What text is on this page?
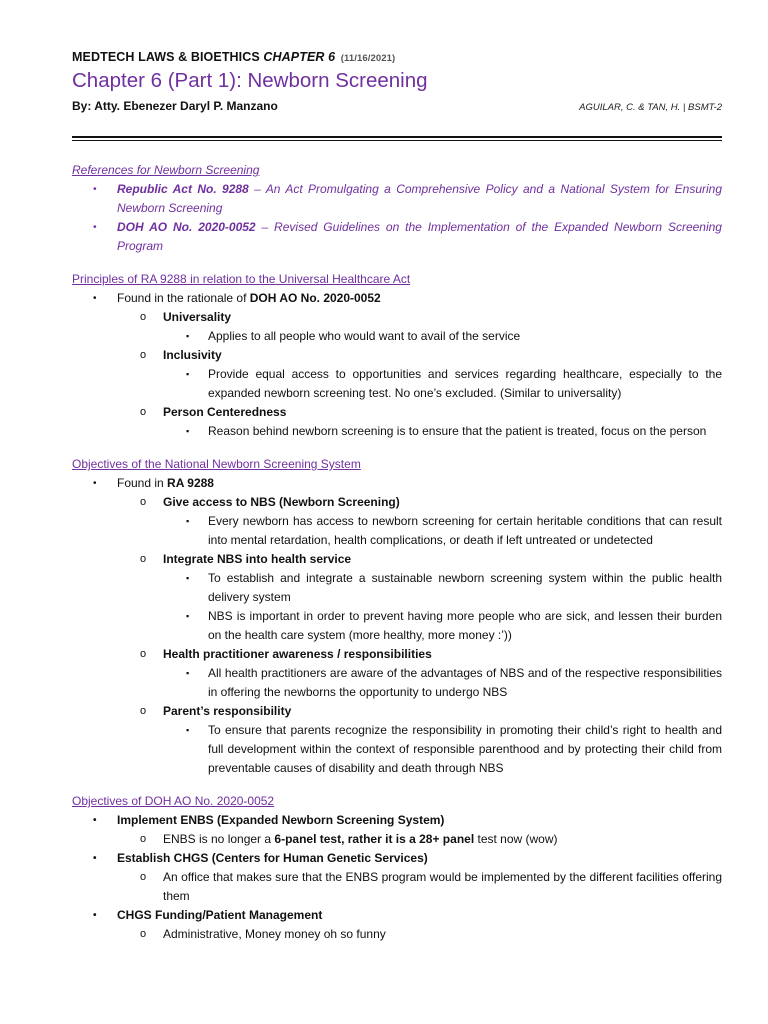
MEDTECH LAWS & BIOETHICS CHAPTER 6 (11/16/2021)
Chapter 6 (Part 1): Newborn Screening
By: Atty. Ebenezer Daryl P. Manzano	AGUILAR, C. & TAN, H. | BSMT-2
References for Newborn Screening
• Republic Act No. 9288 – An Act Promulgating a Comprehensive Policy and a National System for Ensuring Newborn Screening
• DOH AO No. 2020-0052 – Revised Guidelines on the Implementation of the Expanded Newborn Screening Program
Principles of RA 9288 in relation to the Universal Healthcare Act
• Found in the rationale of DOH AO No. 2020-0052
o Universality
▪ Applies to all people who would want to avail of the service
o Inclusivity
▪ Provide equal access to opportunities and services regarding healthcare, especially to the expanded newborn screening test. No one’s excluded. (Similar to universality)
o Person Centeredness
▪ Reason behind newborn screening is to ensure that the patient is treated, focus on the person
Objectives of the National Newborn Screening System
• Found in RA 9288
o Give access to NBS (Newborn Screening)
▪ Every newborn has access to newborn screening for certain heritable conditions that can result into mental retardation, health complications, or death if left untreated or undetected
o Integrate NBS into health service
▪ To establish and integrate a sustainable newborn screening system within the public health delivery system
▪ NBS is important in order to prevent having more people who are sick, and lessen their burden on the health care system (more healthy, more money :’))
o Health practitioner awareness / responsibilities
▪ All health practitioners are aware of the advantages of NBS and of the respective responsibilities in offering the newborns the opportunity to undergo NBS
o Parent’s responsibility
▪ To ensure that parents recognize the responsibility in promoting their child’s right to health and full development within the context of responsible parenthood and by protecting their child from preventable causes of disability and death through NBS
Objectives of DOH AO No. 2020-0052
• Implement ENBS (Expanded Newborn Screening System)
o ENBS is no longer a 6-panel test, rather it is a 28+ panel test now (wow)
• Establish CHGS (Centers for Human Genetic Services)
o An office that makes sure that the ENBS program would be implemented by the different facilities offering them
• CHGS Funding/Patient Management
o Administrative, Money money oh so funny
